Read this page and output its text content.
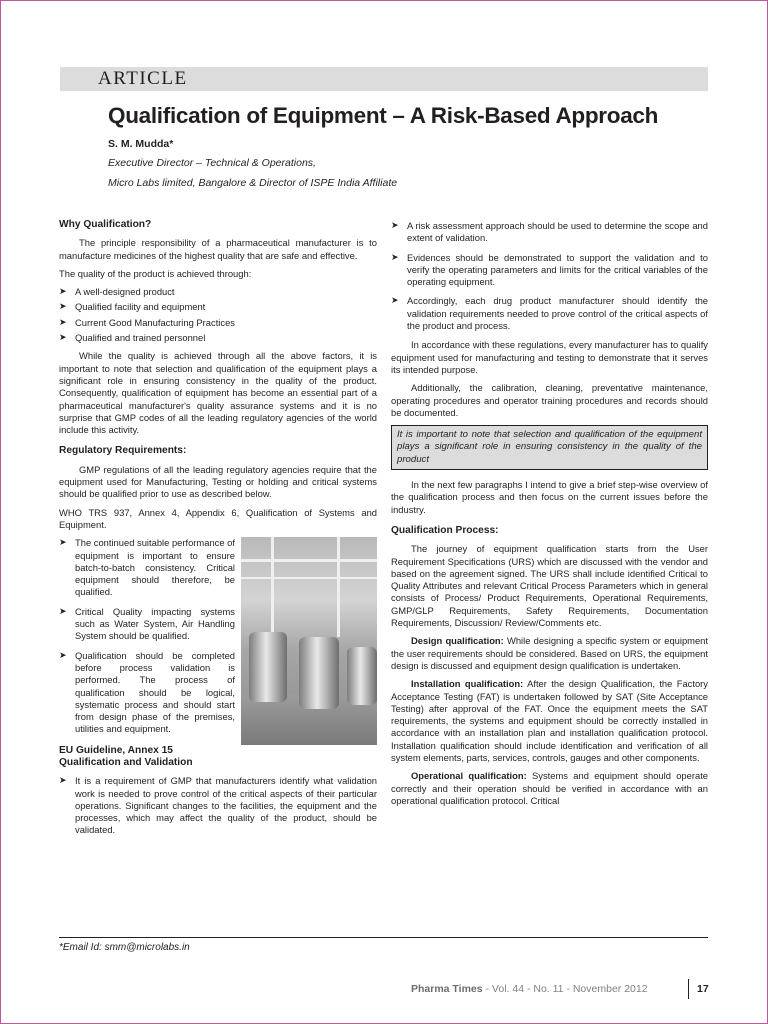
ARTICLE
Qualification of Equipment – A Risk-Based Approach
S. M. Mudda*
Executive Director – Technical & Operations,
Micro Labs limited, Bangalore & Director of ISPE India Affiliate
Why Qualification?

The principle responsibility of a pharmaceutical manufacturer is to manufacture medicines of the highest quality that are safe and effective.

The quality of the product is achieved through:

➤ A well-designed product
➤ Qualified facility and equipment
➤ Current Good Manufacturing Practices
➤ Qualified and trained personnel

While the quality is achieved through all the above factors, it is important to note that selection and qualification of the equipment plays a significant role in ensuring consistency in the quality of the product. Consequently, qualification of equipment has become an essential part of a pharmaceutical manufacturer's quality assurance systems and it is no surprise that GMP codes of all the leading regulatory agencies of the world include this activity.

Regulatory Requirements:

GMP regulations of all the leading regulatory agencies require that the equipment used for Manufacturing, Testing or holding and critical systems should be qualified prior to use as described below.

WHO TRS 937, Annex 4, Appendix 6, Qualification of Systems and Equipment.

➤ The continued suitable performance of equipment is important to ensure batch-to-batch consistency. Critical equipment should therefore, be qualified.
➤ Critical Quality impacting systems such as Water System, Air Handling System should be qualified.
➤ Qualification should be completed before process validation is performed. The process of qualification should be logical, systematic process and should start from design phase of the premises, utilities and equipment.
EU Guideline, Annex 15 Qualification and Validation
➤ It is a requirement of GMP that manufacturers identify what validation work is needed to prove control of the critical aspects of their particular operations. Significant changes to the facilities, the equipment and the processes, which may affect the quality of the product, should be validated.
➤ A risk assessment approach should be used to determine the scope and extent of validation.
➤ Evidences should be demonstrated to support the validation and to verify the operating parameters and limits for the critical variables of the operating equipment.
➤ Accordingly, each drug product manufacturer should identify the validation requirements needed to prove control of the critical aspects of the product and process.

In accordance with these regulations, every manufacturer has to qualify equipment used for manufacturing and testing to demonstrate that it serves its intended purpose.

Additionally, the calibration, cleaning, preventative maintenance, operating procedures and operator training procedures and records should be documented.

It is important to note that selection and qualification of the equipment plays a significant role in ensuring consistency in the quality of the product

In the next few paragraphs I intend to give a brief step-wise overview of the qualification process and then focus on the current issues before the industry.

Qualification Process:

The journey of equipment qualification starts from the User Requirement Specifications (URS) which are discussed with the vendor and based on the agreement signed. The URS shall include identified Critical to Quality Attributes and relevant Critical Process Parameters which in general consists of Process/ Product Requirements, Operational Requirements, GMP/GLP Requirements, Safety Requirements, Documentation Requirements, Discussion/ Review/Comments etc.

Design qualification: While designing a specific system or equipment the user requirements should be considered. Based on URS, the equipment design is discussed and equipment design qualification is undertaken.

Installation qualification: After the design Qualification, the Factory Acceptance Testing (FAT) is undertaken followed by SAT (Site Acceptance Testing) after approval of the FAT. Once the equipment meets the SAT requirements, the systems and equipment should be correctly installed in accordance with an installation plan and installation qualification protocol. Installation qualification should include identification and verification of all system elements, parts, services, controls, gauges and other components.

Operational qualification: Systems and equipment should operate correctly and their operation should be verified in accordance with an operational qualification protocol. Critical

*Email Id: smm@microlabs.in
Pharma Times - Vol. 44 - No. 11 - November 2012	17
